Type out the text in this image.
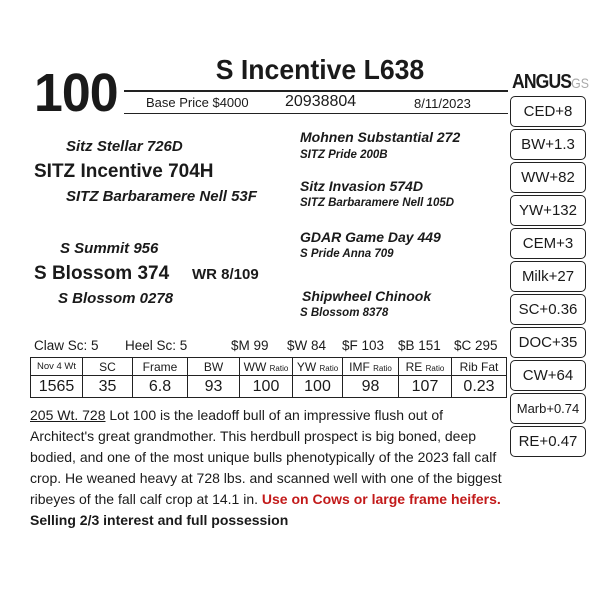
100	S Incentive L638
Base Price $4000 20938804	8/11/2023
ANGUSGS
CED+8
BW+1.3
WW+82
YW+132
CEM+3
Milk+27
SC+0.36
DOC+35
CW+64
Marb+0.74
RE+0.47
Sitz Stellar 726D
SITZ Incentive 704H
SITZ Barbaramere Nell 53F
S Summit 956
S Blossom 374 WR 8/109
S Blossom 0278
Mohnen Substantial 272
SITZ Pride 200B
Sitz Invasion 574D
SITZ Barbaramere Nell 105D
GDAR Game Day 449
S Pride Anna 709
Shipwheel Chinook
S Blossom 8378
Claw Sc: 5 Heel Sc: 5	$M 99 $W 84 $F 103 $B 151 $C 295
Nov 4 Wt	SC	Frame	BW	WW Ratio	YW Ratio	IMF Ratio	RE Ratio	Rib Fat
1565	35	6.8	93	100	100	98	107	0.23
205 Wt. 728 Lot 100 is the leadoff bull of an impressive flush out of Architect's great grandmother. This herdbull prospect is big boned, deep bodied, and one of the most unique bulls phenotypically of the 2023 fall calf crop. He weaned heavy at 728 lbs. and scanned well with one of the biggest ribeyes of the fall calf crop at 14.1 in. Use on Cows or large frame heifers.
Selling 2/3 interest and full possession
